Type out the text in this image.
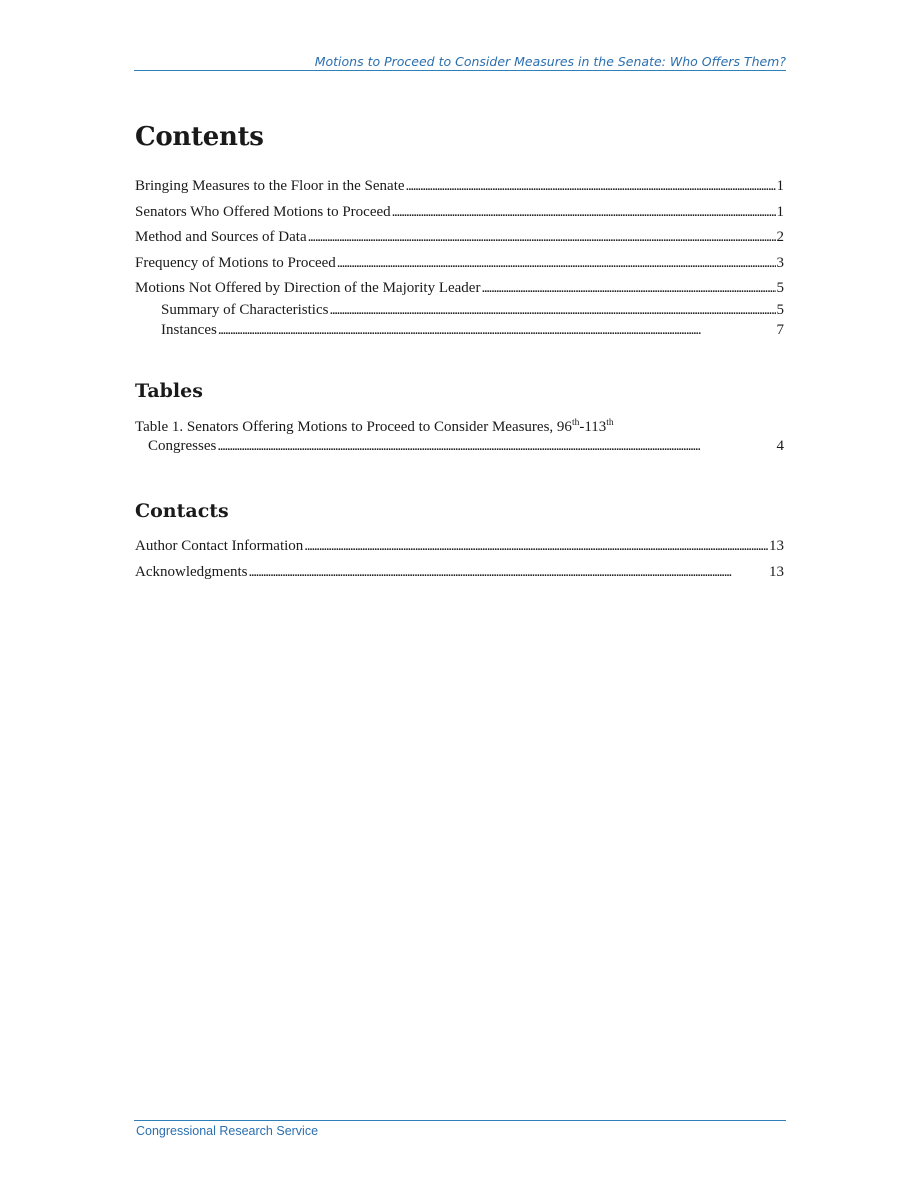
Motions to Proceed to Consider Measures in the Senate: Who Offers Them?
Contents
Bringing Measures to the Floor in the Senate . . .	1
Senators Who Offered Motions to Proceed . . .	1
Method and Sources of Data . . .	2
Frequency of Motions to Proceed . . .	3
Motions Not Offered by Direction of the Majority Leader . . .	5
Summary of Characteristics . . .	5
Instances . . .	7
Tables
Table 1. Senators Offering Motions to Proceed to Consider Measures, 96th-113th
Congresses . . .	4
Contacts
Author Contact Information . . .	13
Acknowledgments . . .	13
Congressional Research Service
